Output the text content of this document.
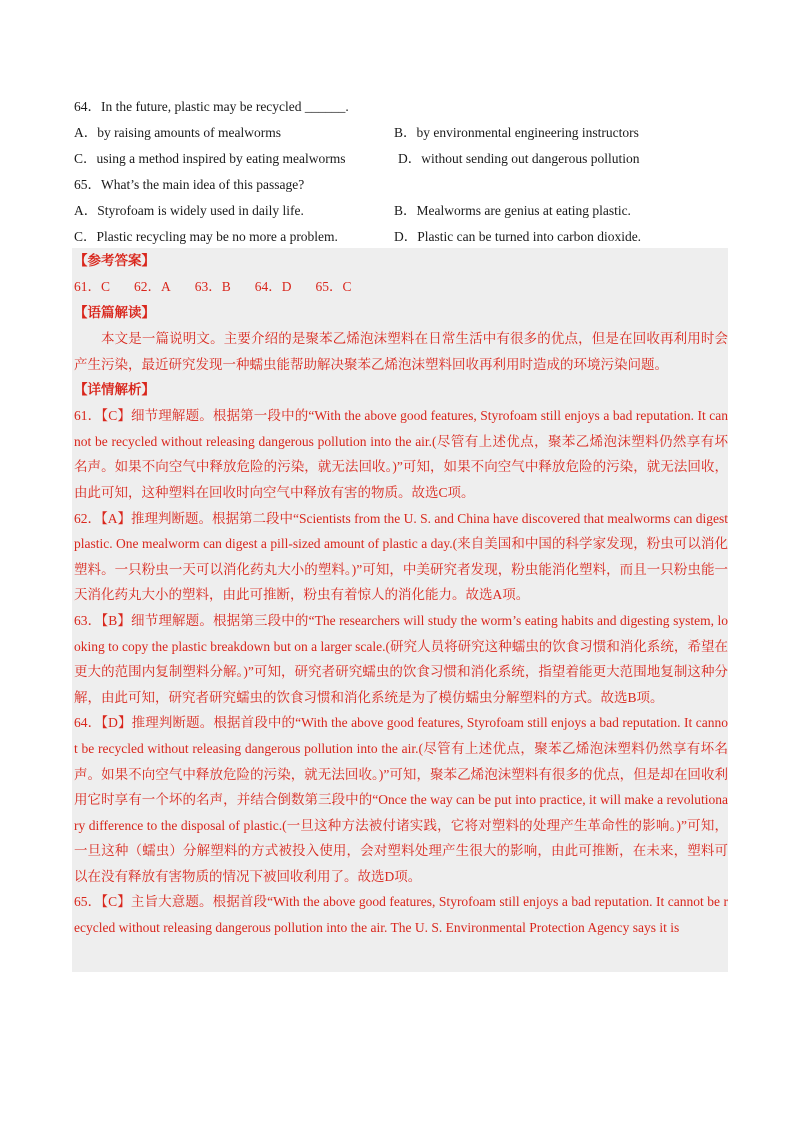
64．In the future, plastic may be recycled ______.
A．by raising amounts of mealworms	B．by environmental engineering instructors
C．using a method inspired by eating mealworms	D．without sending out dangerous pollution
65．What’s the main idea of this passage?
A．Styrofoam is widely used in daily life.	B．Mealworms are genius at eating plastic.
C．Plastic recycling may be no more a problem.	D．Plastic can be turned into carbon dioxide.
【参考答案】
61．C 62．A 63．B 64．D 65．C
【语篇解读】
本文是一篇说明文。主要介绍的是聚苯乙烯泡沫塑料在日常生活中有很多的优点，但是在回收再利用时会产生污染，最近研究发现一种蠕虫能帮助解决聚苯乙烯泡沫塑料回收再利用时造成的环境污染问题。
【详情解析】
61．【C】细节理解题。根据第一段中的“With the above good features, Styrofoam still enjoys a bad reputation. It cannot be recycled without releasing dangerous pollution into the air.(尽管有上述优点，聚苯乙烯泡沫塑料仍然享有坏名声。如果不向空气中释放危险的污染，就无法回收。)”可知，如果不向空气中释放危险的污染，就无法回收，由此可知，这种塑料在回收时向空气中释放有害的物质。故选C项。
62．【A】推理判断题。根据第二段中“Scientists from the U. S. and China have discovered that mealworms can digest plastic. One mealworm can digest a pill-sized amount of plastic a day.(来自美国和中国的科学家发现，粉虫可以消化塑料。一只粉虫一天可以消化药丸大小的塑料。)”可知，中美研究者发现，粉虫能消化塑料，而且一只粉虫能一天消化药丸大小的塑料，由此可推断，粉虫有着惊人的消化能力。故选A项。
63．【B】细节理解题。根据第三段中的“The researchers will study the worm’s eating habits and digesting system, looking to copy the plastic breakdown but on a larger scale.(研究人员将研究这种蠕虫的饮食习惯和消化系统，希望在更大的范围内复制塑料分解。)”可知，研究者研究蠕虫的饮食习惯和消化系统，指望着能更大范围地复制这种分解，由此可知，研究者研究蠕虫的饮食习惯和消化系统是为了模仿蠕虫分解塑料的方式。故选B项。
64．【D】推理判断题。根据首段中的“With the above good features, Styrofoam still enjoys a bad reputation. It cannot be recycled without releasing dangerous pollution into the air.(尽管有上述优点，聚苯乙烯泡沫塑料仍然享有坏名声。如果不向空气中释放危险的污染，就无法回收。)”可知，聚苯乙烯泡沫塑料有很多的优点，但是却在回收利用它时享有一个坏的名声，并结合倒数第三段中的“Once the way can be put into practice, it will make a revolutionary difference to the disposal of plastic.(一旦这种方法被付诸实践，它将对塑料的处理产生革命性的影响。)”可知，一旦这种（蠕虫）分解塑料的方式被投入使用，会对塑料处理产生很大的影响，由此可推断，在未来，塑料可以在没有释放有害物质的情况下被回收利用了。故选D项。
65．【C】主旨大意题。根据首段“With the above good features, Styrofoam still enjoys a bad reputation. It cannot be recycled without releasing dangerous pollution into the air. The U. S. Environmental Protection Agency says it is
